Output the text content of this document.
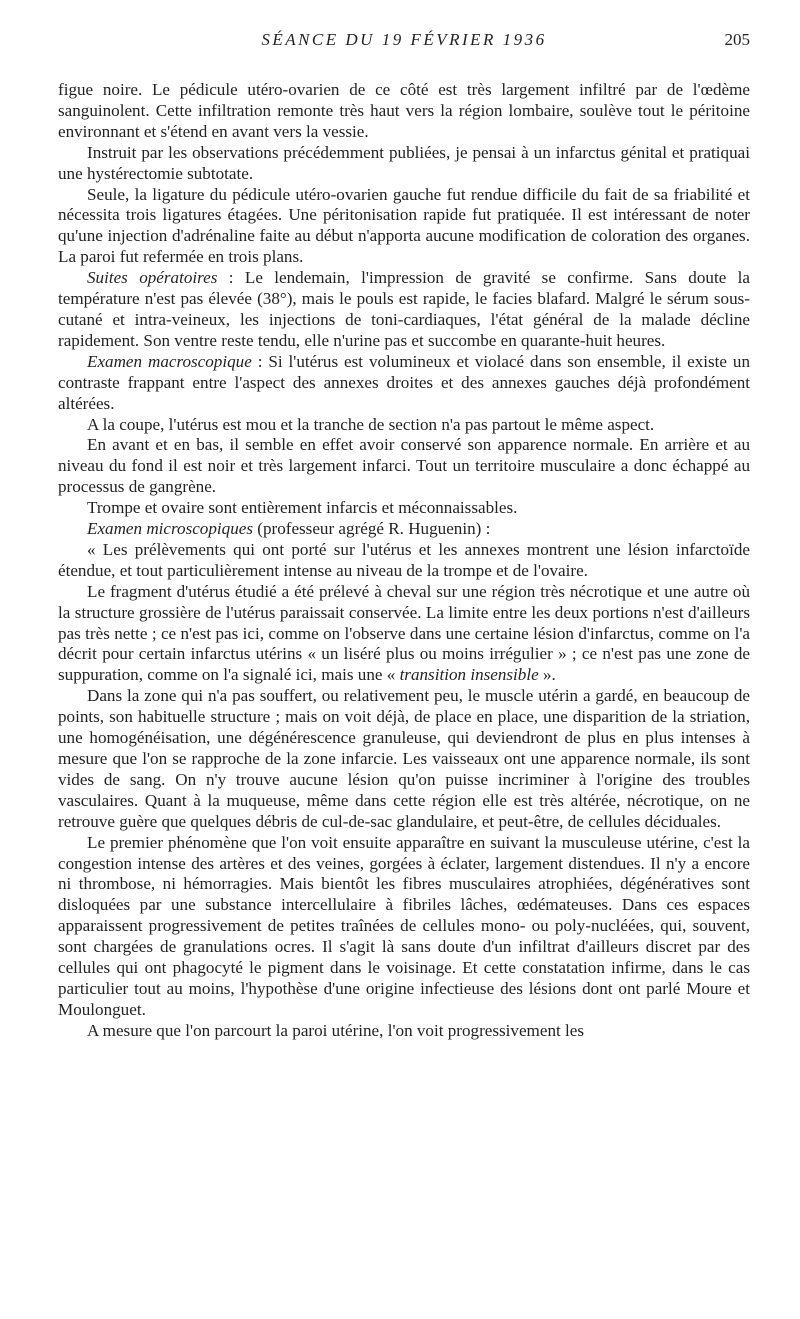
SÉANCE DU 19 FÉVRIER 1936	205

figue noire. Le pédicule utéro-ovarien de ce côté est très largement infiltré par de l'œdème sanguinolent. Cette infiltration remonte très haut vers la région lombaire, soulève tout le péritoine environnant et s'étend en avant vers la vessie.

Instruit par les observations précédemment publiées, je pensai à un infarctus génital et pratiquai une hystérectomie subtotate.

Seule, la ligature du pédicule utéro-ovarien gauche fut rendue difficile du fait de sa friabilité et nécessita trois ligatures étagées. Une péritonisation rapide fut pratiquée. Il est intéressant de noter qu'une injection d'adrénaline faite au début n'apporta aucune modification de coloration des organes. La paroi fut refermée en trois plans.

Suites opératoires : Le lendemain, l'impression de gravité se confirme. Sans doute la température n'est pas élevée (38°), mais le pouls est rapide, le facies blafard. Malgré le sérum sous-cutané et intra-veineux, les injections de toni-cardiaques, l'état général de la malade décline rapidement. Son ventre reste tendu, elle n'urine pas et succombe en quarante-huit heures.

Examen macroscopique : Si l'utérus est volumineux et violacé dans son ensemble, il existe un contraste frappant entre l'aspect des annexes droites et des annexes gauches déjà profondément altérées.

A la coupe, l'utérus est mou et la tranche de section n'a pas partout le même aspect.

En avant et en bas, il semble en effet avoir conservé son apparence normale. En arrière et au niveau du fond il est noir et très largement infarci. Tout un territoire musculaire a donc échappé au processus de gangrène.

Trompe et ovaire sont entièrement infarcis et méconnaissables.

Examen microscopiques (professeur agrégé R. Huguenin) :

« Les prélèvements qui ont porté sur l'utérus et les annexes montrent une lésion infarctoïde étendue, et tout particulièrement intense au niveau de la trompe et de l'ovaire.

Le fragment d'utérus étudié a été prélevé à cheval sur une région très nécrotique et une autre où la structure grossière de l'utérus paraissait conservée. La limite entre les deux portions n'est d'ailleurs pas très nette ; ce n'est pas ici, comme on l'observe dans une certaine lésion d'infarctus, comme on l'a décrit pour certain infarctus utérins « un liséré plus ou moins irrégulier » ; ce n'est pas une zone de suppuration, comme on l'a signalé ici, mais une « transition insensible ».

Dans la zone qui n'a pas souffert, ou relativement peu, le muscle utérin a gardé, en beaucoup de points, son habituelle structure ; mais on voit déjà, de place en place, une disparition de la striation, une homogénéisation, une dégénérescence granuleuse, qui deviendront de plus en plus intenses à mesure que l'on se rapproche de la zone infarcie. Les vaisseaux ont une apparence normale, ils sont vides de sang. On n'y trouve aucune lésion qu'on puisse incriminer à l'origine des troubles vasculaires. Quant à la muqueuse, même dans cette région elle est très altérée, nécrotique, on ne retrouve guère que quelques débris de cul-de-sac glandulaire, et peut-être, de cellules déciduales.

Le premier phénomène que l'on voit ensuite apparaître en suivant la musculeuse utérine, c'est la congestion intense des artères et des veines, gorgées à éclater, largement distendues. Il n'y a encore ni thrombose, ni hémorragies. Mais bientôt les fibres musculaires atrophiées, dégénératives sont disloquées par une substance intercellulaire à fibriles lâches, œdémateuses. Dans ces espaces apparaissent progressivement de petites traînées de cellules mono- ou poly-nucléées, qui, souvent, sont chargées de granulations ocres. Il s'agit là sans doute d'un infiltrat d'ailleurs discret par des cellules qui ont phagocyté le pigment dans le voisinage. Et cette constatation infirme, dans le cas particulier tout au moins, l'hypothèse d'une origine infectieuse des lésions dont ont parlé Moure et Moulonguet.

A mesure que l'on parcourt la paroi utérine, l'on voit progressivement les
